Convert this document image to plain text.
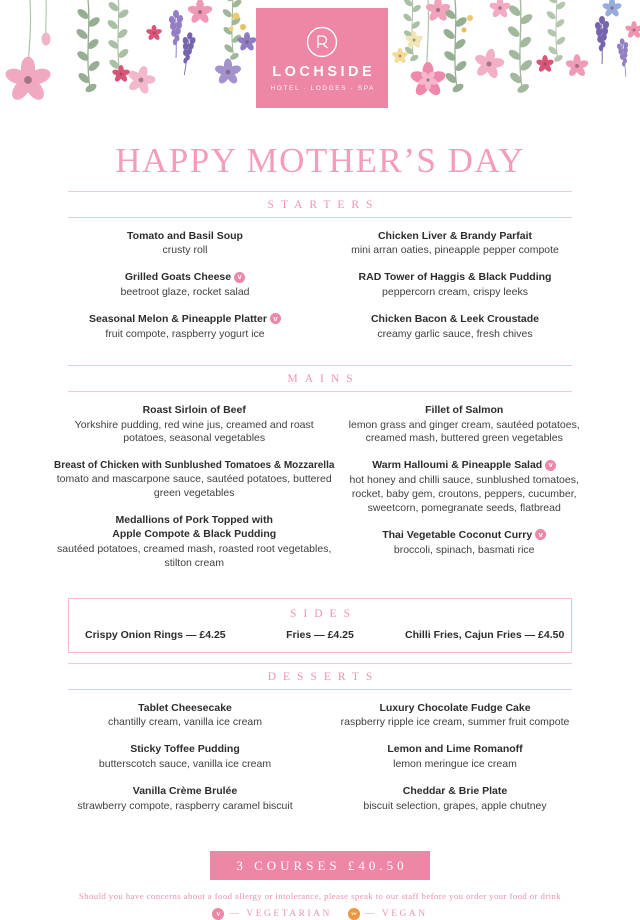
LOCHSIDE
HOTEL · LODGES · SPA
HAPPY MOTHER’S DAY
STARTERS
Tomato and Basil Soup
crusty roll
Grilled Goats Cheese v
beetroot glaze, rocket salad
Seasonal Melon & Pineapple Platter v
fruit compote, raspberry yogurt ice
Chicken Liver & Brandy Parfait
mini arran oaties, pineapple pepper compote
RAD Tower of Haggis & Black Pudding
peppercorn cream, crispy leeks
Chicken Bacon & Leek Croustade
creamy garlic sauce, fresh chives
MAINS
Roast Sirloin of Beef
Yorkshire pudding, red wine jus, creamed and roast potatoes, seasonal vegetables
Breast of Chicken with Sunblushed Tomatoes & Mozzarella
tomato and mascarpone sauce, sautéed potatoes, buttered green vegetables
Medallions of Pork Topped with Apple Compote & Black Pudding
sautéed potatoes, creamed mash, roasted root vegetables, stilton cream
Fillet of Salmon
lemon grass and ginger cream, sautéed potatoes, creamed mash, buttered green vegetables
Warm Halloumi & Pineapple Salad v
hot honey and chilli sauce, sunblushed tomatoes, rocket, baby gem, croutons, peppers, cucumber, sweetcorn, pomegranate seeds, flatbread
Thai Vegetable Coconut Curry v
broccoli, spinach, basmati rice
SIDES
Crispy Onion Rings — £4.25	Fries — £4.25	Chilli Fries, Cajun Fries — £4.50
DESSERTS
Tablet Cheesecake
chantilly cream, vanilla ice cream
Sticky Toffee Pudding
butterscotch sauce, vanilla ice cream
Vanilla Crème Brulée
strawberry compote, raspberry caramel biscuit
Luxury Chocolate Fudge Cake
raspberry ripple ice cream, summer fruit compote
Lemon and Lime Romanoff
lemon meringue ice cream
Cheddar & Brie Plate
biscuit selection, grapes, apple chutney
3 COURSES £40.50
Should you have concerns about a food allergy or intolerance, please speak to our staff before you order your food or drink
v — VEGETARIAN	ve — VEGAN
